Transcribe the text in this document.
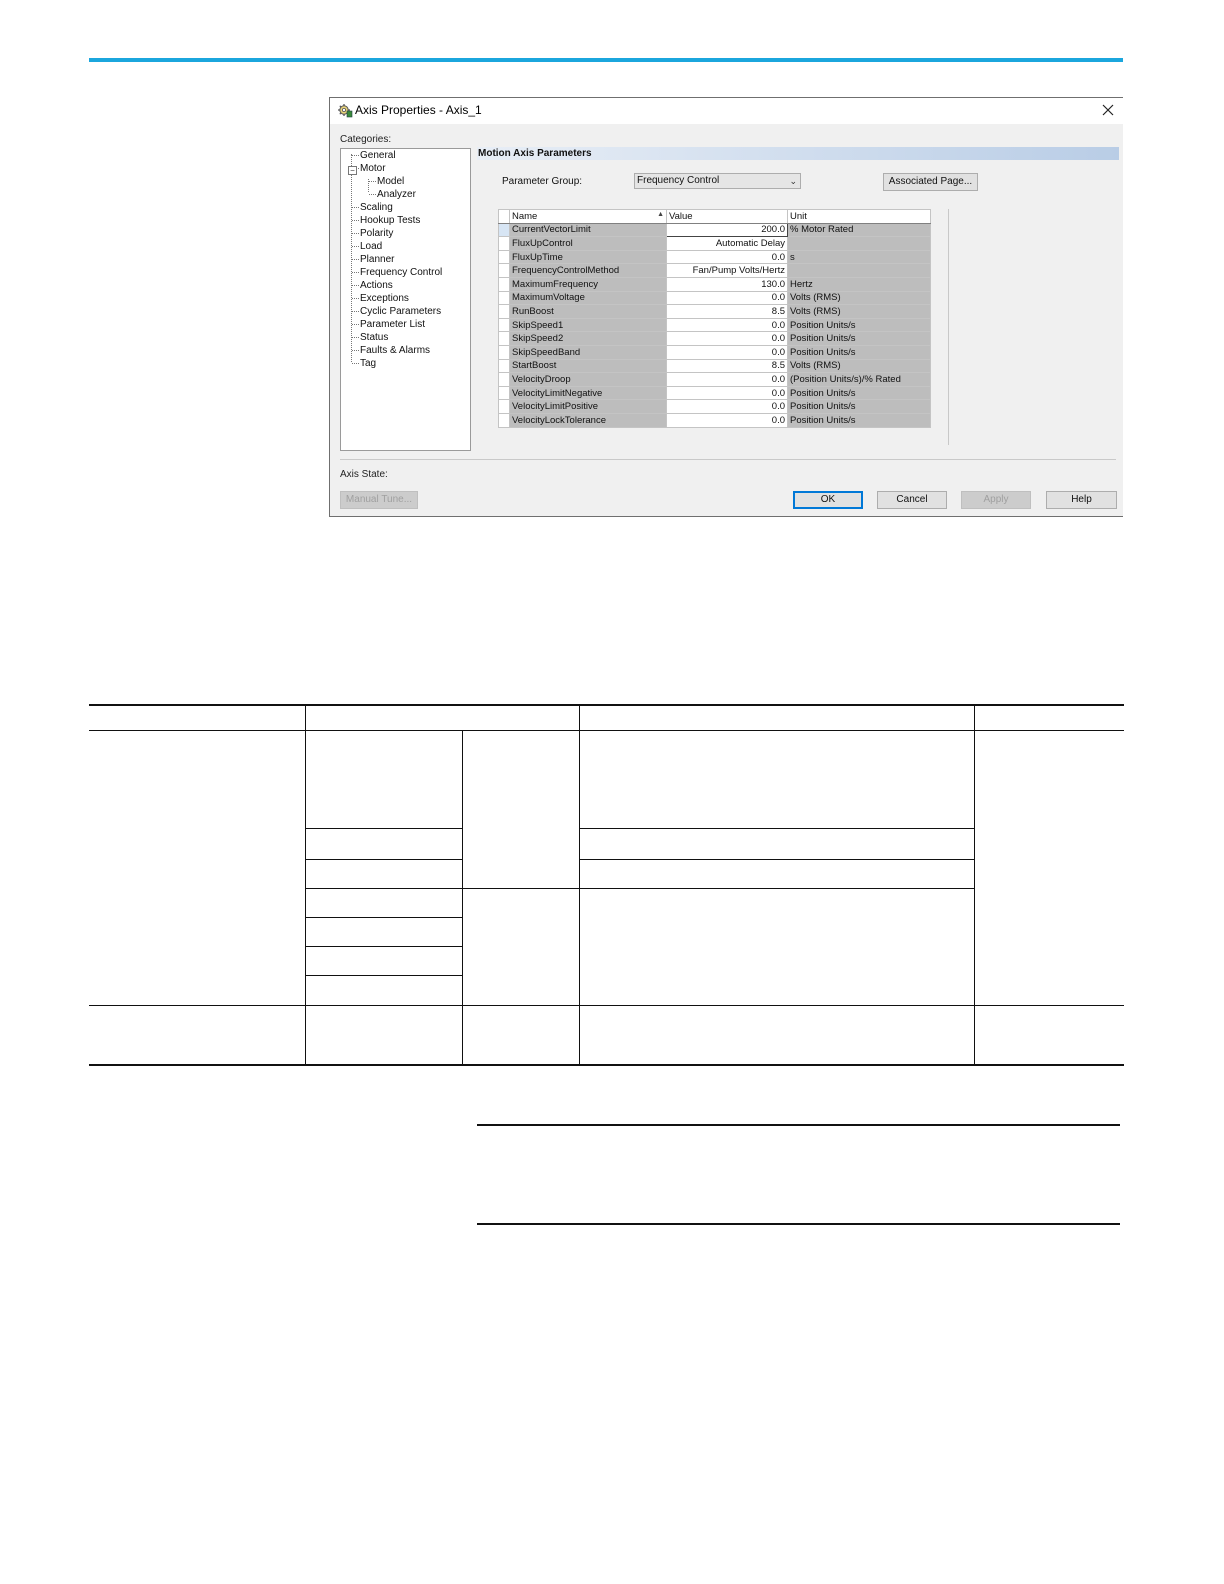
Axis Properties - Axis_1
Categories:
−
General
Motor
Model
Analyzer
Scaling
Hookup Tests
Polarity
Load
Planner
Frequency Control
Actions
Exceptions
Cyclic Parameters
Parameter List
Status
Faults & Alarms
Tag
Motion Axis Parameters
Parameter Group:	Frequency Control	⌄	Associated Page...
	Name ▲	Value	Unit
	CurrentVectorLimit	200.0	% Motor Rated
	FluxUpControl	Automatic Delay	
	FluxUpTime	0.0	s
	FrequencyControlMethod	Fan/Pump Volts/Hertz	
	MaximumFrequency	130.0	Hertz
	MaximumVoltage	0.0	Volts (RMS)
	RunBoost	8.5	Volts (RMS)
	SkipSpeed1	0.0	Position Units/s
	SkipSpeed2	0.0	Position Units/s
	SkipSpeedBand	0.0	Position Units/s
	StartBoost	8.5	Volts (RMS)
	VelocityDroop	0.0	(Position Units/s)/% Rated
	VelocityLimitNegative	0.0	Position Units/s
	VelocityLimitPositive	0.0	Position Units/s
	VelocityLockTolerance	0.0	Position Units/s
Axis State:
Manual Tune...	OK	Cancel	Apply	Help
